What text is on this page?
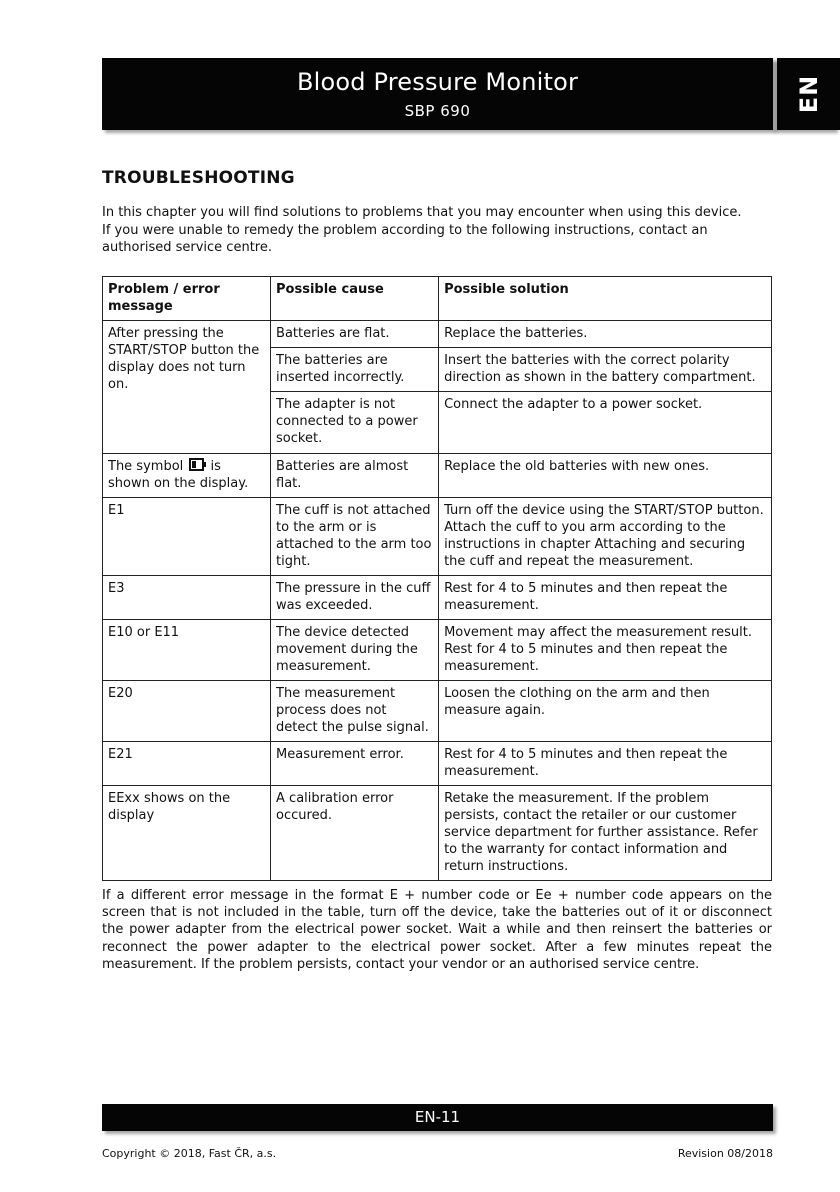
Blood Pressure Monitor
SBP 690	EN
TROUBLESHOOTING
In this chapter you will find solutions to problems that you may encounter when using this device.
If you were unable to remedy the problem according to the following instructions, contact an authorised service centre.
Problem / error message	Possible cause	Possible solution
After pressing the START/STOP button the display does not turn on.	Batteries are flat.	Replace the batteries.
	The batteries are inserted incorrectly.	Insert the batteries with the correct polarity direction as shown in the battery compartment.
	The adapter is not connected to a power socket.	Connect the adapter to a power socket.
The symbol is shown on the display.	Batteries are almost flat.	Replace the old batteries with new ones.
E1	The cuff is not attached to the arm or is attached to the arm too tight.	Turn off the device using the START/STOP button. Attach the cuff to you arm according to the instructions in chapter Attaching and securing the cuff and repeat the measurement.
E3	The pressure in the cuff was exceeded.	Rest for 4 to 5 minutes and then repeat the measurement.
E10 or E11	The device detected movement during the measurement.	Movement may affect the measurement result. Rest for 4 to 5 minutes and then repeat the measurement.
E20	The measurement process does not detect the pulse signal.	Loosen the clothing on the arm and then measure again.
E21	Measurement error.	Rest for 4 to 5 minutes and then repeat the measurement.
EExx shows on the display	A calibration error occured.	Retake the measurement. If the problem persists, contact the retailer or our customer service department for further assistance. Refer to the warranty for contact information and return instructions.
If a different error message in the format E + number code or Ee + number code appears on the screen that is not included in the table, turn off the device, take the batteries out of it or disconnect the power adapter from the electrical power socket. Wait a while and then reinsert the batteries or reconnect the power adapter to the electrical power socket. After a few minutes repeat the measurement. If the problem persists, contact your vendor or an authorised service centre.
EN-11
Copyright © 2018, Fast ČR, a.s.	Revision 08/2018
